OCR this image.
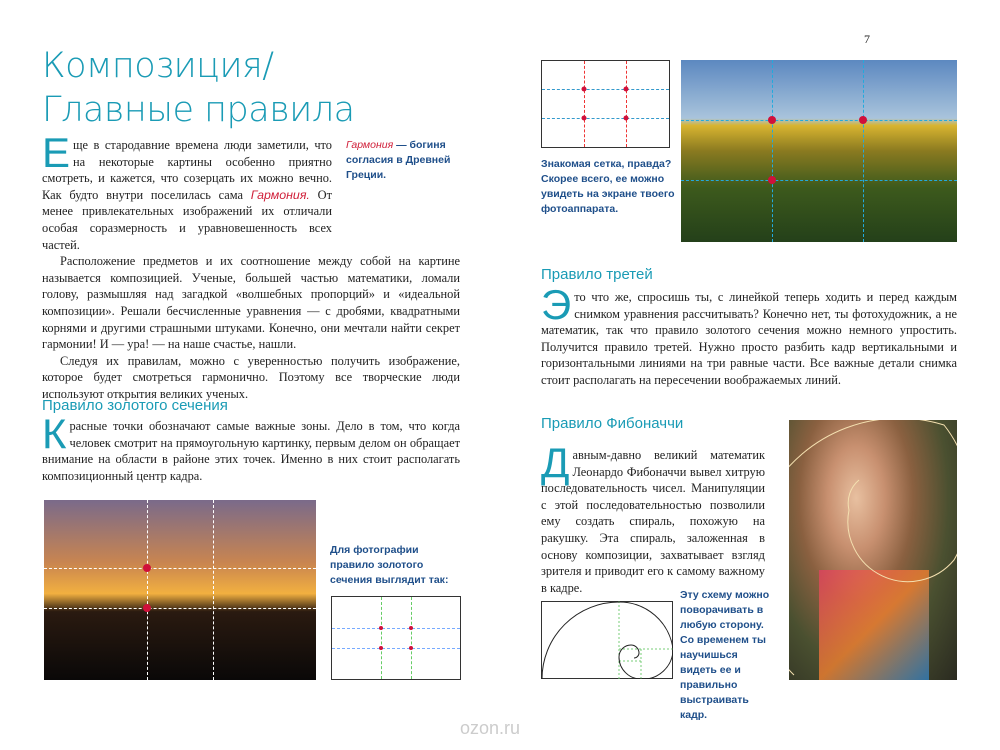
7
Композиция/
Главные правила

Еще в стародавние времена люди заметили, что на некоторые картины особенно приятно смотреть, и кажется, что созерцать их можно вечно. Как будто внутри поселилась сама Гармония. От менее привлекательных изображений их отличали особая соразмерность и уравновешенность всех частей.

Расположение предметов и их соотношение между собой на картине называется композицией. Ученые, большей частью математики, ломали голову, размышляя над загадкой «волшебных пропорций» и «идеальной композиции». Решали бесчисленные уравнения — с дробями, квадратными корнями и другими страшными штуками. Конечно, они мечтали найти секрет гармонии! И — ура! — на наше счастье, нашли.

Следуя их правилам, можно с уверенностью получить изображение, которое будет смотреться гармонично. Поэтому все творческие люди используют открытия великих ученых.

Гармония — богиня согласия в Древней Греции.
Правило золотого сечения

Красные точки обозначают самые важные зоны. Дело в том, что когда человек смотрит на прямоугольную картинку, первым делом он обращает внимание на области в районе этих точек. Именно в них стоит располагать композиционный центр кадра.

Для фотографии правило золотого сечения выглядит так:
Знакомая сетка, правда? Скорее всего, ее можно увидеть на экране твоего фотоаппарата.
Правило третей

Это что же, спросишь ты, с линейкой теперь ходить и перед каждым снимком уравнения рассчитывать? Конечно нет, ты фотохудожник, а не математик, так что правило золотого сечения можно немного упростить. Получится правило третей. Нужно просто разбить кадр вертикальными и горизонтальными линиями на три равные части. Все важные детали снимка стоит располагать на пересечении воображаемых линий.

Правило Фибоначчи

Давным-давно великий математик Леонардо Фибоначчи вывел хитрую последовательность чисел. Манипуляции с этой последовательностью позволили ему создать спираль, похожую на ракушку. Эта спираль, заложенная в основу композиции, захватывает взгляд зрителя и приводит его к самому важному в кадре.

Эту схему можно поворачивать в любую сторону. Со временем ты научишься видеть ее и правильно выстраивать кадр.
ozon.ru
